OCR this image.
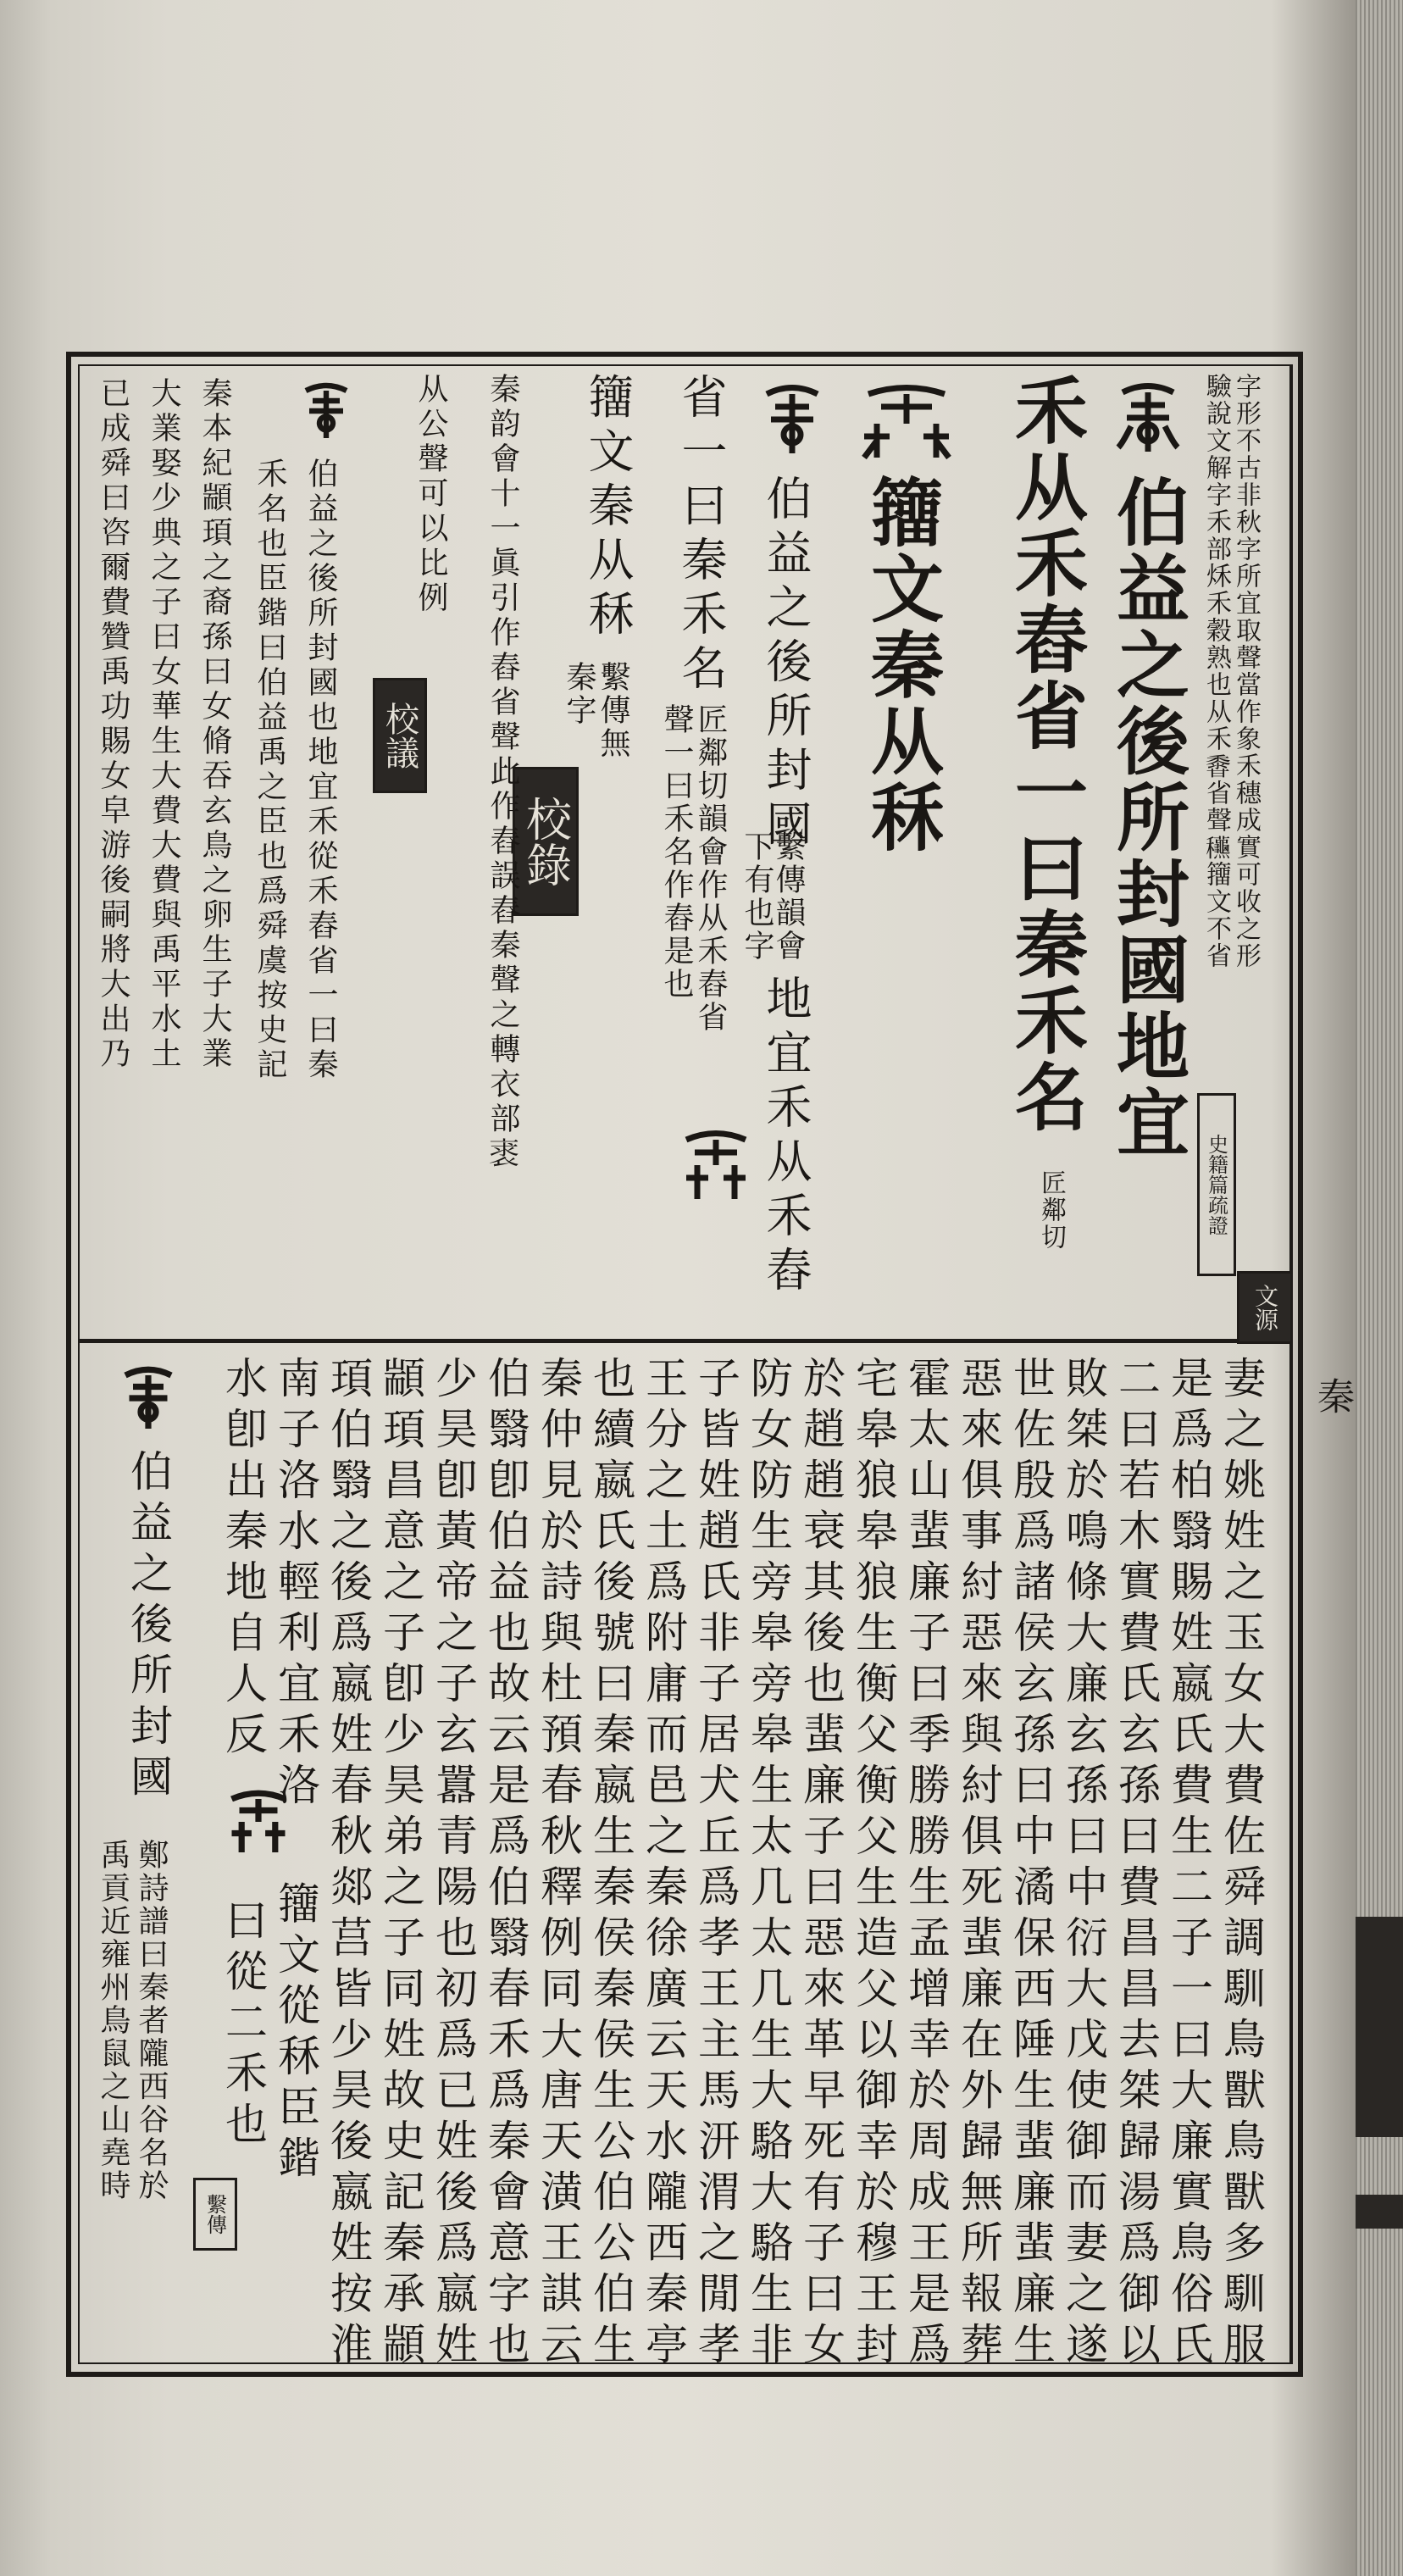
秦
字形不古非秋字所宜取聲當作象禾穗成實可收之形
文源
驗說文解字禾部秌禾穀熟也从禾𪏽省聲𥤚籒文不省
史籍篇疏證
伯益之後所封國地宜
禾从禾舂省一曰秦禾名
匠鄰切
籒文秦从秝
伯益之後所封國
繫傳韻會
下有也字
地宜禾从禾舂
省一曰秦禾名
匠鄰切韻會作从禾舂省
聲一曰禾名作舂是也
籒文秦从秝
繫傳無
秦字
校錄
秦韵會十一眞引作舂省聲此作舂誤舂秦聲之轉衣部𧚍
从公聲可以比例
校議
伯益之後所封國也地宜禾從禾舂省一曰秦
禾名也臣鍇曰伯益禹之臣也爲舜虞按史記
秦本紀顓頊之裔孫曰女脩吞玄鳥之卵生子大業
大業娶少典之子曰女華生大費大費與禹平水土
已成舜曰咨爾費贊禹功賜女皁游後嗣將大出乃
妻之姚姓之玉女大費佐舜調馴鳥獸鳥獸多馴服
是爲柏翳賜姓嬴氏費生二子一曰大廉實鳥俗氏
二曰若木實費氏玄孫曰費昌昌去桀歸湯爲御以
敗桀於鳴條大廉玄孫曰中衍大戊使御而妻之遂
世佐殷爲諸侯玄孫曰中潏保西陲生蜚廉蜚廉生
惡來俱事紂惡來與紂俱死蜚廉在外歸無所報葬
霍太山蜚廉子曰季勝勝生孟增幸於周成王是爲
宅皋狼皋狼生衡父衡父生造父以御幸於穆王封
於趙趙衰其後也蜚廉子曰惡來革早死有子曰女
防女防生旁皋旁皋生太几太几生大駱大駱生非
子皆姓趙氏非子居犬丘爲孝王主馬汧渭之閒孝
王分之土爲附庸而邑之秦徐廣云天水隴西秦亭
也續嬴氏後號曰秦嬴生秦侯秦侯生公伯公伯生
秦仲見於詩與杜預春秋釋例同大唐天潢王諆云
伯翳卽伯益也故云是爲伯翳春禾爲秦會意字也
少昊卽黃帝之子玄囂青陽也初爲已姓後爲嬴姓
顓頊昌意之子卽少昊弟之子同姓故史記秦承顓
頊伯翳之後爲嬴姓春秋郯莒皆少昊後嬴姓按淮
南子洛水輕利宜禾洛
籒文從秝臣鍇
水卽出秦地自人反
曰從二禾也
繫傳
伯益之後所封國
鄭詩譜曰秦者隴西谷名於
禹貢近雍州鳥鼠之山堯時
